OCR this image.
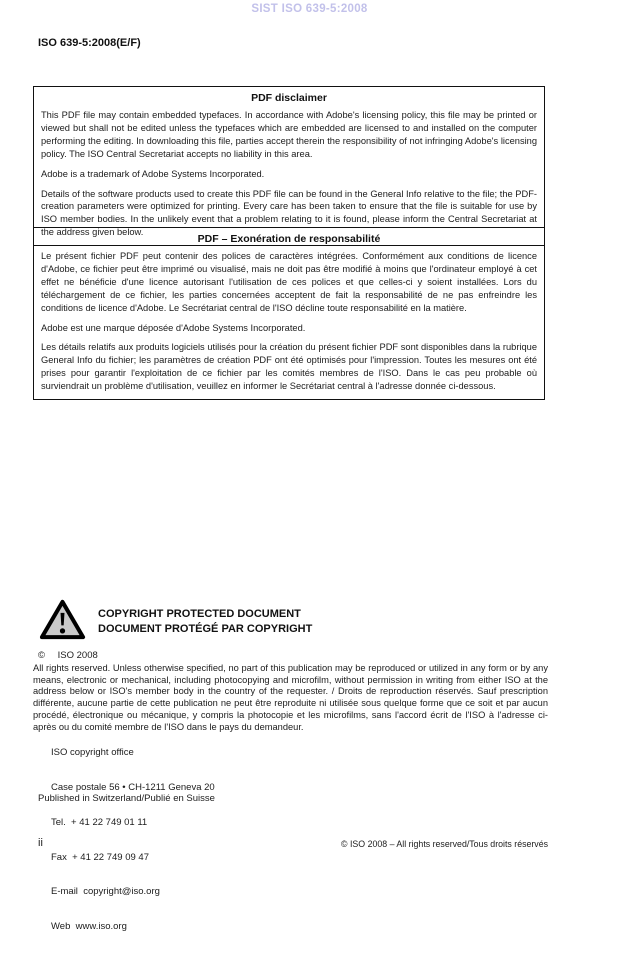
SIST ISO 639-5:2008
ISO 639-5:2008(E/F)
PDF disclaimer

This PDF file may contain embedded typefaces. In accordance with Adobe's licensing policy, this file may be printed or viewed but shall not be edited unless the typefaces which are embedded are licensed to and installed on the computer performing the editing. In downloading this file, parties accept therein the responsibility of not infringing Adobe's licensing policy. The ISO Central Secretariat accepts no liability in this area.

Adobe is a trademark of Adobe Systems Incorporated.

Details of the software products used to create this PDF file can be found in the General Info relative to the file; the PDF-creation parameters were optimized for printing. Every care has been taken to ensure that the file is suitable for use by ISO member bodies. In the unlikely event that a problem relating to it is found, please inform the Central Secretariat at the address given below.

PDF – Exonération de responsabilité

Le présent fichier PDF peut contenir des polices de caractères intégrées. Conformément aux conditions de licence d'Adobe, ce fichier peut être imprimé ou visualisé, mais ne doit pas être modifié à moins que l'ordinateur employé à cet effet ne bénéficie d'une licence autorisant l'utilisation de ces polices et que celles-ci y soient installées. Lors du téléchargement de ce fichier, les parties concernées acceptent de fait la responsabilité de ne pas enfreindre les conditions de licence d'Adobe. Le Secrétariat central de l'ISO décline toute responsabilité en la matière.

Adobe est une marque déposée d'Adobe Systems Incorporated.

Les détails relatifs aux produits logiciels utilisés pour la création du présent fichier PDF sont disponibles dans la rubrique General Info du fichier; les paramètres de création PDF ont été optimisés pour l'impression. Toutes les mesures ont été prises pour garantir l'exploitation de ce fichier par les comités membres de l'ISO. Dans le cas peu probable où surviendrait un problème d'utilisation, veuillez en informer le Secrétariat central à l'adresse donnée ci-dessous.

COPYRIGHT PROTECTED DOCUMENT
DOCUMENT PROTÉGÉ PAR COPYRIGHT
© ISO 2008
All rights reserved. Unless otherwise specified, no part of this publication may be reproduced or utilized in any form or by any means, electronic or mechanical, including photocopying and microfilm, without permission in writing from either ISO at the address below or ISO's member body in the country of the requester. / Droits de reproduction réservés. Sauf prescription différente, aucune partie de cette publication ne peut être reproduite ni utilisée sous quelque forme que ce soit et par aucun procédé, électronique ou mécanique, y compris la photocopie et les microfilms, sans l'accord écrit de l'ISO à l'adresse ci-après ou du comité membre de l'ISO dans le pays du demandeur.

ISO copyright office

Case postale 56 • CH-1211 Geneva 20

Tel.  + 41 22 749 01 11

Fax  + 41 22 749 09 47

E-mail  copyright@iso.org

Web  www.iso.org

Published in Switzerland/Publié en Suisse
ii	© ISO 2008 – All rights reserved/Tous droits réservés
